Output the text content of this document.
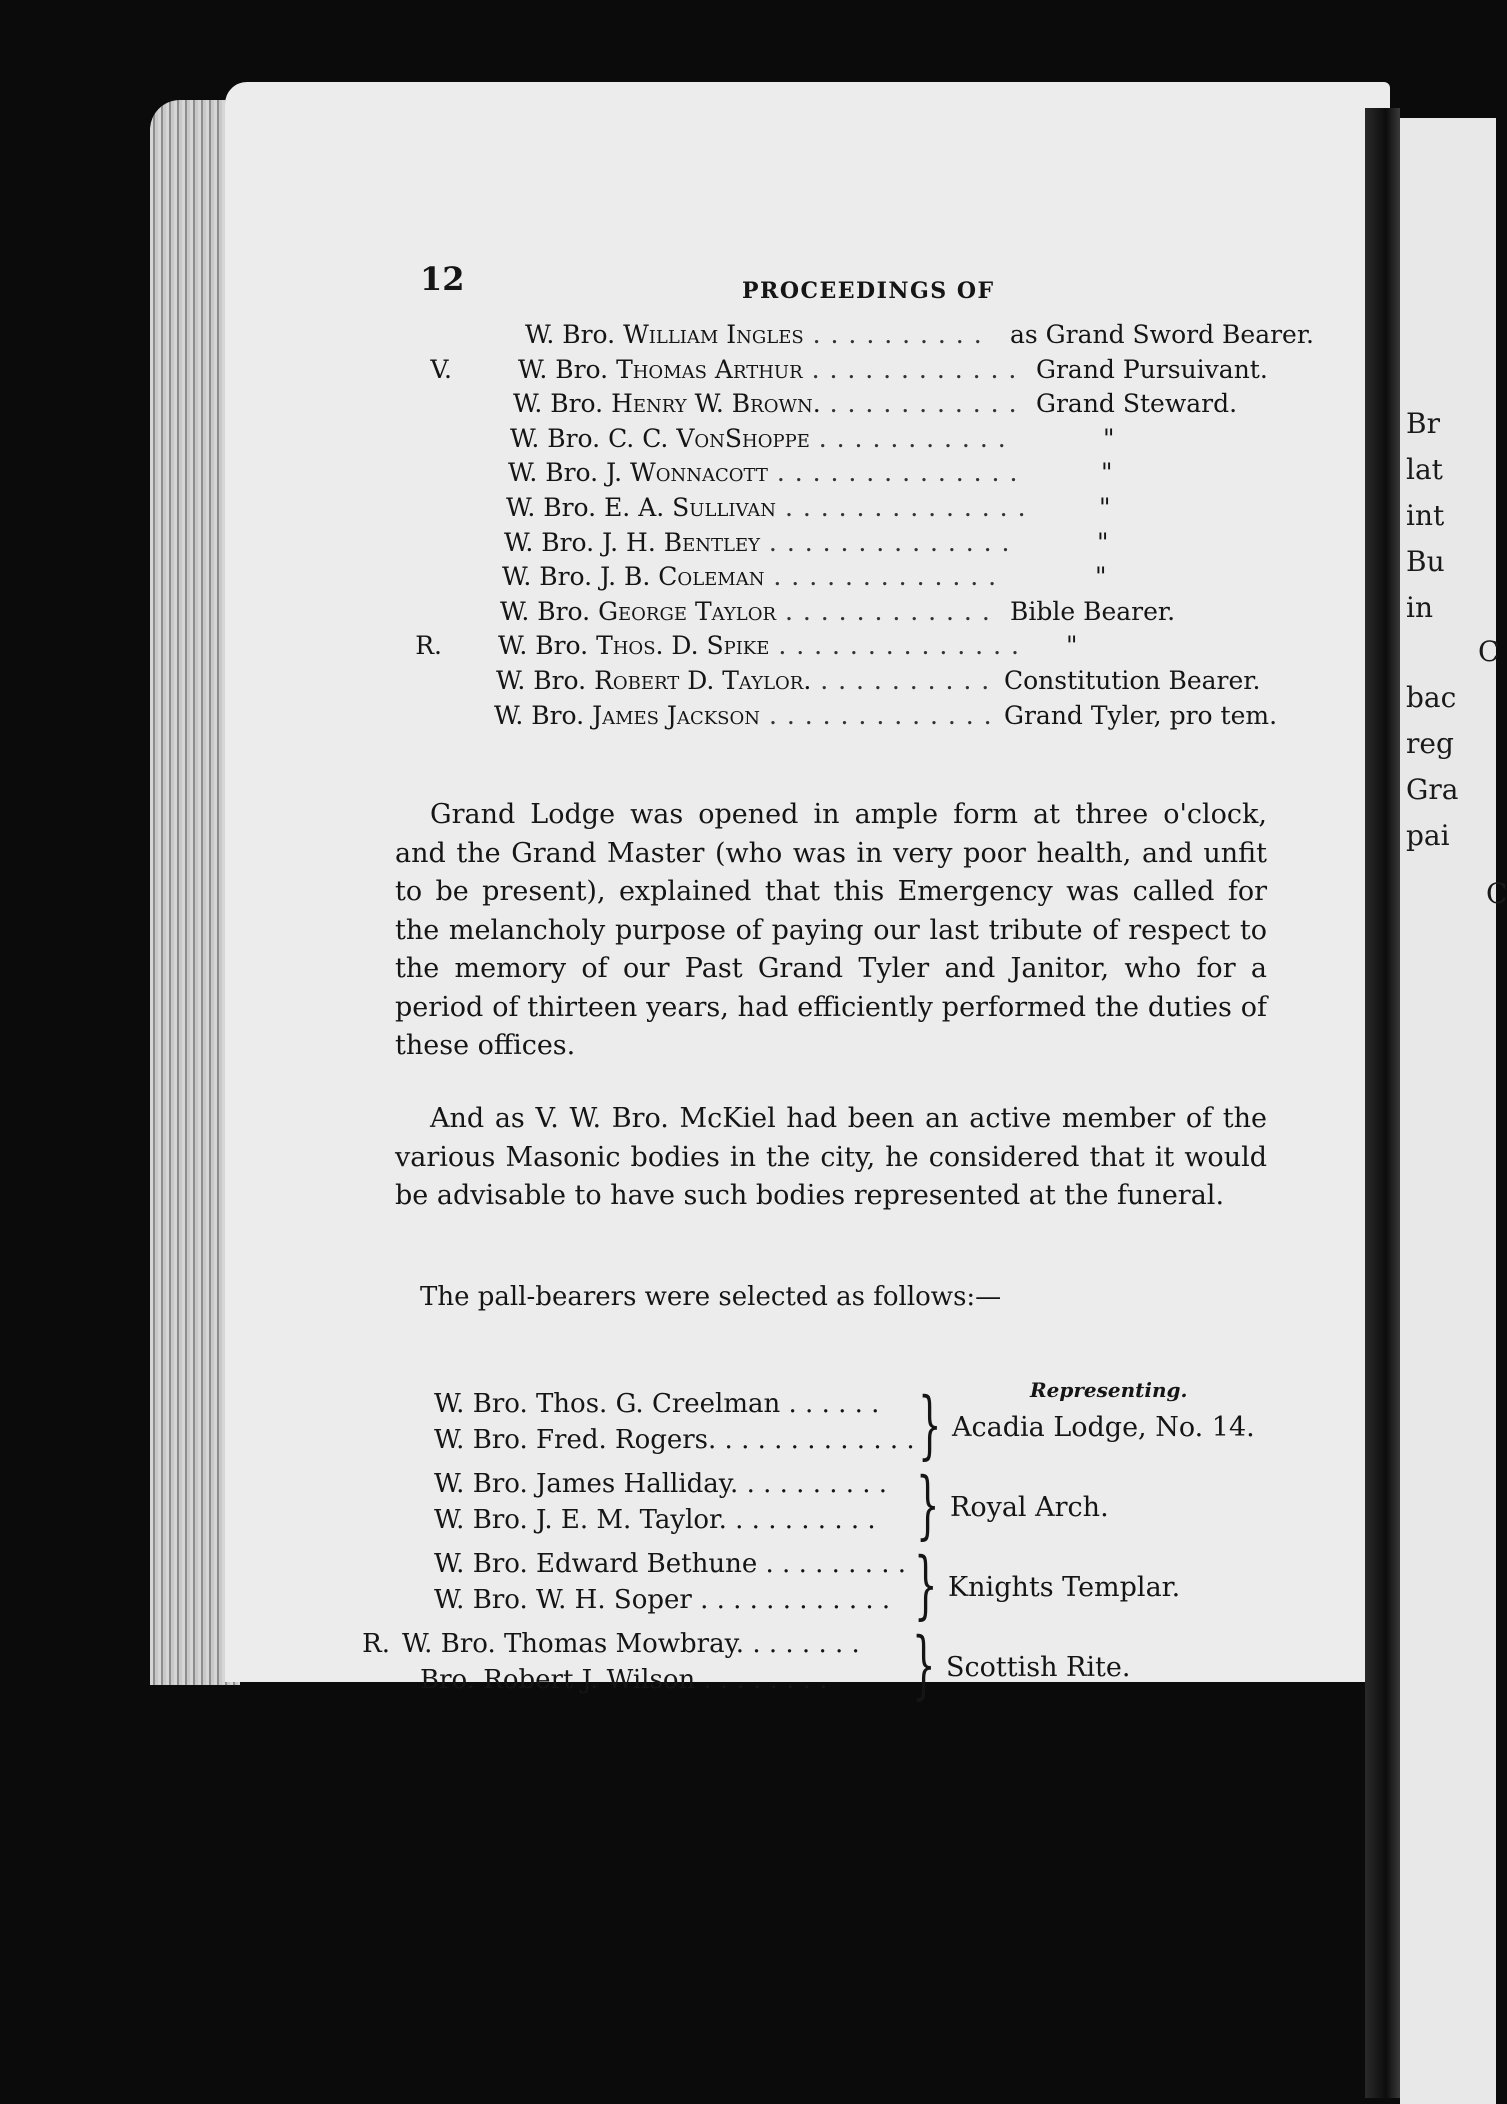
Br
lat
int
Bu
in
C
bac
reg
Gra
pai
C
12	PROCEEDINGS OF
W. Bro. William Ingles . . . . . . . . . . as Grand Sword Bearer.
V.	W. Bro. Thomas Arthur . . . . . . . . . . . . Grand Pursuivant.
W. Bro. Henry W. Brown. . . . . . . . . . . . Grand Steward.
W. Bro. C. C. VonShoppe . . . . . . . . . . .	"
W. Bro. J. Wonnacott . . . . . . . . . . . . . .	"
W. Bro. E. A. Sullivan . . . . . . . . . . . . . .	"
W. Bro. J. H. Bentley . . . . . . . . . . . . . .	"
W. Bro. J. B. Coleman . . . . . . . . . . . . .	"
W. Bro. George Taylor . . . . . . . . . . . . Bible Bearer.
R. W. Bro. Thos. D. Spike . . . . . . . . . . . . . . "
W. Bro. Robert D. Taylor. . . . . . . . . . . Constitution Bearer.
W. Bro. James Jackson . . . . . . . . . . . . . Grand Tyler, pro tem.

Grand Lodge was opened in ample form at three o'clock, and the Grand Master (who was in very poor health, and unfit to be present), explained that this Emergency was called for the melancholy purpose of paying our last tribute of respect to the memory of our Past Grand Tyler and Janitor, who for a period of thirteen years, had efficiently performed the duties of these offices.

And as V. W. Bro. McKiel had been an active member of the various Masonic bodies in the city, he considered that it would be advisable to have such bodies represented at the funeral.

The pall-bearers were selected as follows:—

Representing.
W. Bro. Thos. G. Creelman . . . . . .
W. Bro. Fred. Rogers. . . . . . . . . . . . . } Acadia Lodge, No. 14.
W. Bro. James Halliday. . . . . . . . . .
W. Bro. J. E. M. Taylor. . . . . . . . . . } Royal Arch.
W. Bro. Edward Bethune . . . . . . . . .
W. Bro. W. H. Soper . . . . . . . . . . . . } Knights Templar.
R. W. Bro. Thomas Mowbray. . . . . . . .
Bro. Robert J. Wilson . . . . . . . . } Scottish Rite.
